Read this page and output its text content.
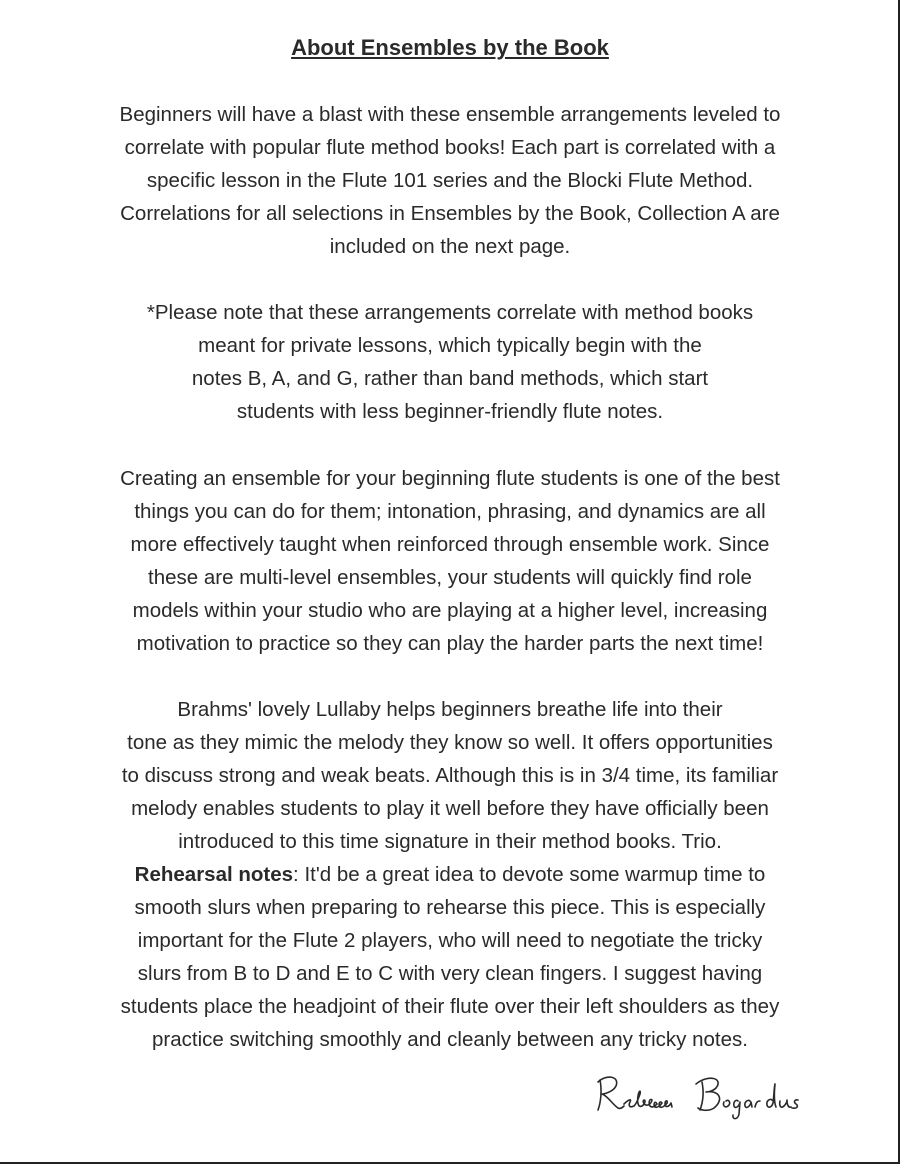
About Ensembles by the Book
Beginners will have a blast with these ensemble arrangements leveled to
correlate with popular flute method books! Each part is correlated with a
specific lesson in the Flute 101 series and the Blocki Flute Method.
Correlations for all selections in Ensembles by the Book, Collection A are
included on the next page.
*Please note that these arrangements correlate with method books
meant for private lessons, which typically begin with the
notes B, A, and G, rather than band methods, which start
students with less beginner-friendly flute notes.
Creating an ensemble for your beginning flute students is one of the best
things you can do for them; intonation, phrasing, and dynamics are all
more effectively taught when reinforced through ensemble work. Since
these are multi-level ensembles, your students will quickly find role
models within your studio who are playing at a higher level, increasing
motivation to practice so they can play the harder parts the next time!
Brahms' lovely Lullaby helps beginners breathe life into their
tone as they mimic the melody they know so well. It offers opportunities
to discuss strong and weak beats. Although this is in 3/4 time, its familiar
melody enables students to play it well before they have officially been
introduced to this time signature in their method books. Trio.
Rehearsal notes: It'd be a great idea to devote some warmup time to
smooth slurs when preparing to rehearse this piece. This is especially
important for the Flute 2 players, who will need to negotiate the tricky
slurs from B to D and E to C with very clean fingers. I suggest having
students place the headjoint of their flute over their left shoulders as they
practice switching smoothly and cleanly between any tricky notes.
